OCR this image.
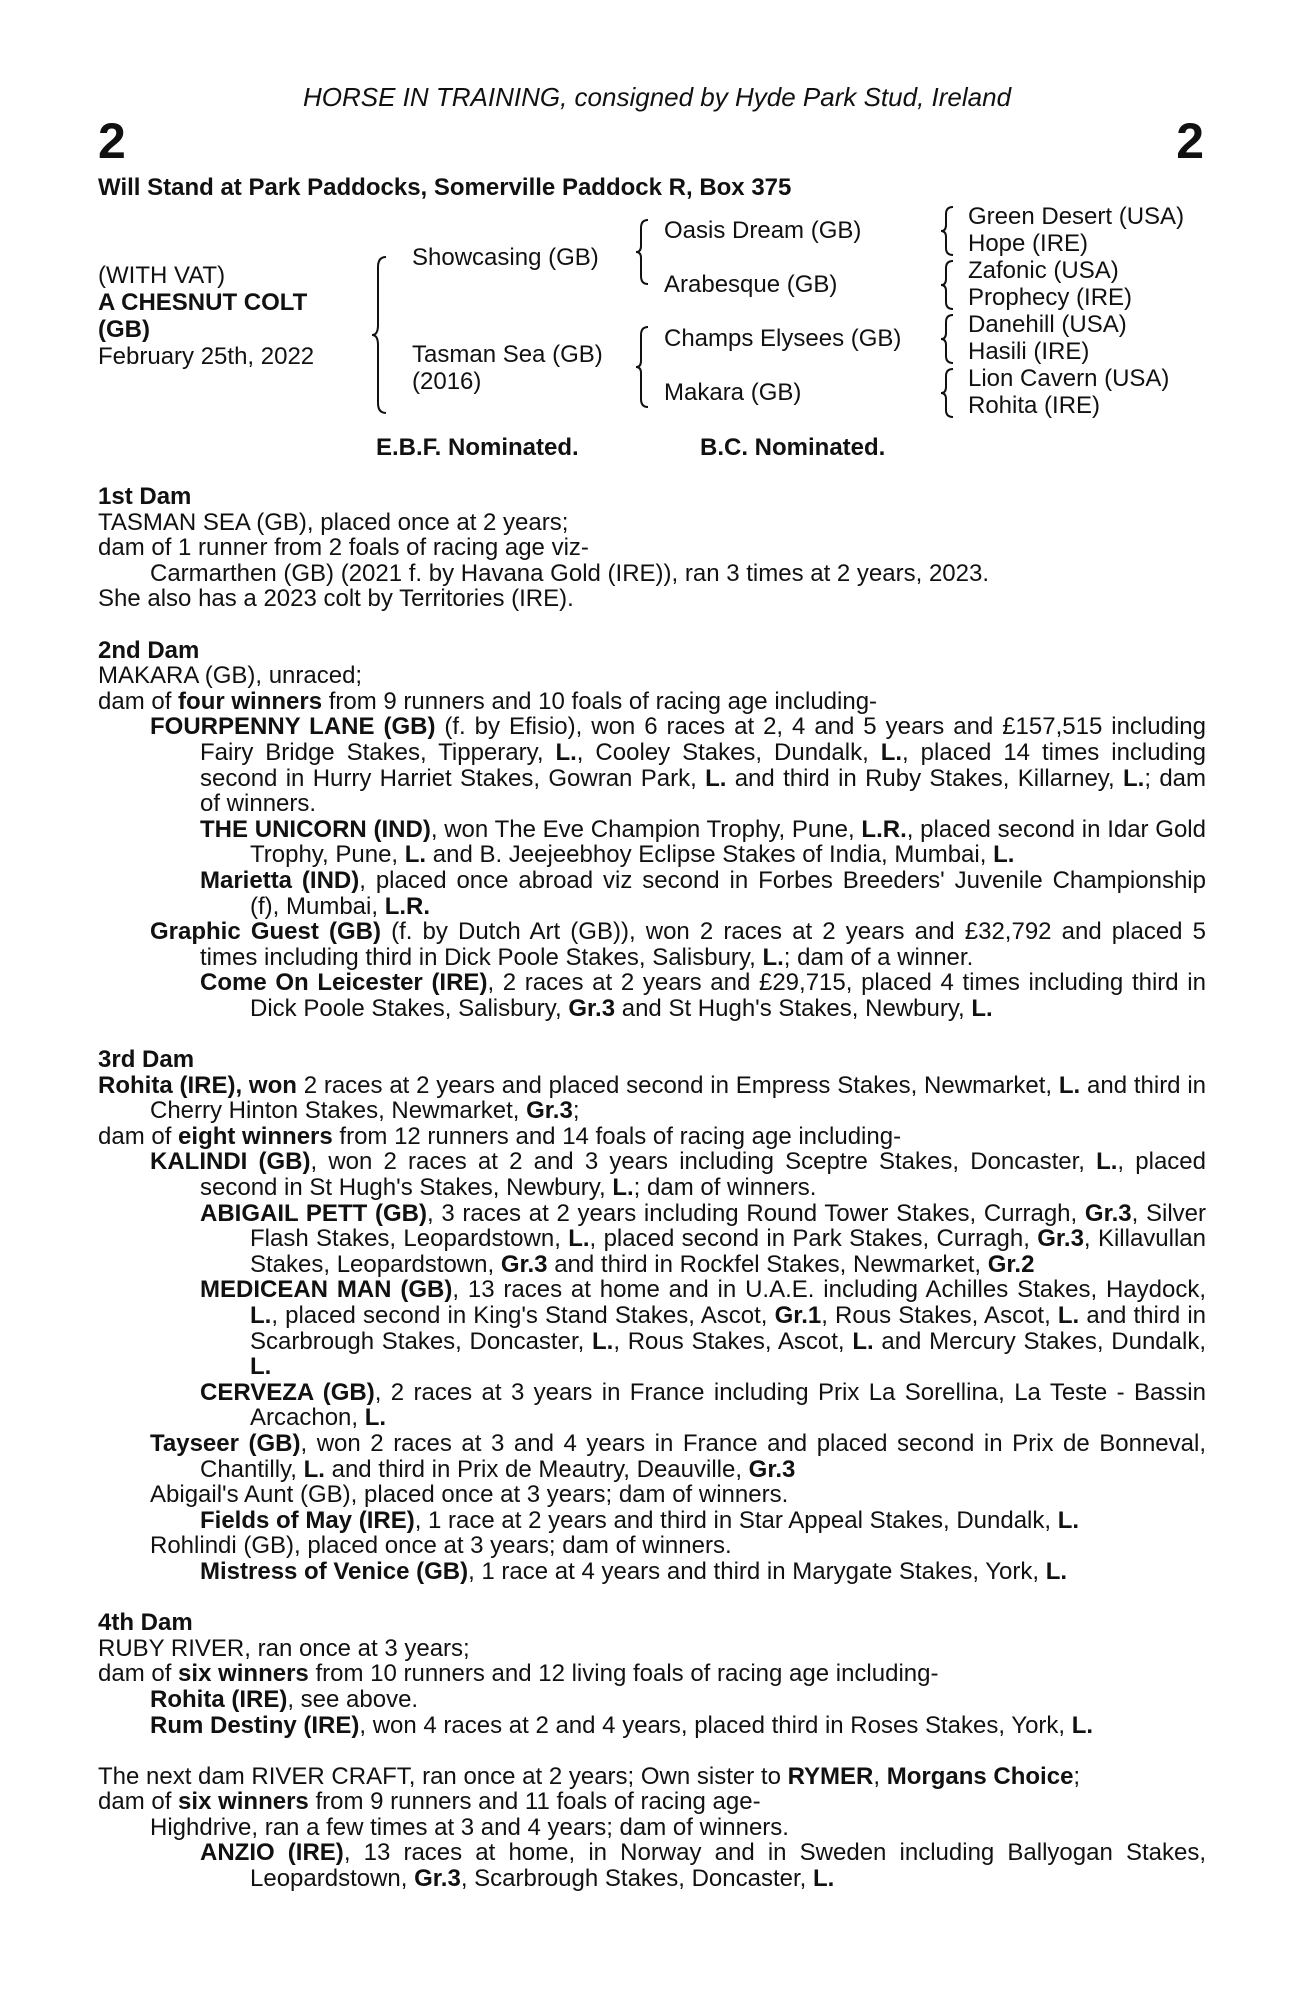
HORSE IN TRAINING, consigned by Hyde Park Stud, Ireland
2	2
Will Stand at Park Paddocks, Somerville Paddock R, Box 375
(WITH VAT)
A CHESNUT COLT
(GB)
February 25th, 2022
Showcasing (GB)
Tasman Sea (GB)
(2016)
Oasis Dream (GB)
Arabesque (GB)
Champs Elysees (GB)
Makara (GB)
Green Desert (USA)
Hope (IRE)
Zafonic (USA)
Prophecy (IRE)
Danehill (USA)
Hasili (IRE)
Lion Cavern (USA)
Rohita (IRE)
E.B.F. Nominated.	B.C. Nominated.

1st Dam

TASMAN SEA (GB), placed once at 2 years;

dam of 1 runner from 2 foals of racing age viz-

Carmarthen (GB) (2021 f. by Havana Gold (IRE)), ran 3 times at 2 years, 2023.

She also has a 2023 colt by Territories (IRE).

2nd Dam

MAKARA (GB), unraced;

dam of four winners from 9 runners and 10 foals of racing age including-

FOURPENNY LANE (GB) (f. by Efisio), won 6 races at 2, 4 and 5 years and £157,515 including Fairy Bridge Stakes, Tipperary, L., Cooley Stakes, Dundalk, L., placed 14 times including second in Hurry Harriet Stakes, Gowran Park, L. and third in Ruby Stakes, Killarney, L.; dam of winners.

THE UNICORN (IND), won The Eve Champion Trophy, Pune, L.R., placed second in Idar Gold Trophy, Pune, L. and B. Jeejeebhoy Eclipse Stakes of India, Mumbai, L.

Marietta (IND), placed once abroad viz second in Forbes Breeders' Juvenile Championship (f), Mumbai, L.R.

Graphic Guest (GB) (f. by Dutch Art (GB)), won 2 races at 2 years and £32,792 and placed 5 times including third in Dick Poole Stakes, Salisbury, L.; dam of a winner.

Come On Leicester (IRE), 2 races at 2 years and £29,715, placed 4 times including third in Dick Poole Stakes, Salisbury, Gr.3 and St Hugh's Stakes, Newbury, L.

3rd Dam

Rohita (IRE), won 2 races at 2 years and placed second in Empress Stakes, Newmarket, L. and third in Cherry Hinton Stakes, Newmarket, Gr.3;

dam of eight winners from 12 runners and 14 foals of racing age including-

KALINDI (GB), won 2 races at 2 and 3 years including Sceptre Stakes, Doncaster, L., placed second in St Hugh's Stakes, Newbury, L.; dam of winners.

ABIGAIL PETT (GB), 3 races at 2 years including Round Tower Stakes, Curragh, Gr.3, Silver Flash Stakes, Leopardstown, L., placed second in Park Stakes, Curragh, Gr.3, Killavullan Stakes, Leopardstown, Gr.3 and third in Rockfel Stakes, Newmarket, Gr.2

MEDICEAN MAN (GB), 13 races at home and in U.A.E. including Achilles Stakes, Haydock, L., placed second in King's Stand Stakes, Ascot, Gr.1, Rous Stakes, Ascot, L. and third in Scarbrough Stakes, Doncaster, L., Rous Stakes, Ascot, L. and Mercury Stakes, Dundalk, L.

CERVEZA (GB), 2 races at 3 years in France including Prix La Sorellina, La Teste - Bassin Arcachon, L.

Tayseer (GB), won 2 races at 3 and 4 years in France and placed second in Prix de Bonneval, Chantilly, L. and third in Prix de Meautry, Deauville, Gr.3

Abigail's Aunt (GB), placed once at 3 years; dam of winners.

Fields of May (IRE), 1 race at 2 years and third in Star Appeal Stakes, Dundalk, L.

Rohlindi (GB), placed once at 3 years; dam of winners.

Mistress of Venice (GB), 1 race at 4 years and third in Marygate Stakes, York, L.

4th Dam

RUBY RIVER, ran once at 3 years;

dam of six winners from 10 runners and 12 living foals of racing age including-

Rohita (IRE), see above.

Rum Destiny (IRE), won 4 races at 2 and 4 years, placed third in Roses Stakes, York, L.

The next dam RIVER CRAFT, ran once at 2 years; Own sister to RYMER, Morgans Choice;

dam of six winners from 9 runners and 11 foals of racing age-

Highdrive, ran a few times at 3 and 4 years; dam of winners.

ANZIO (IRE), 13 races at home, in Norway and in Sweden including Ballyogan Stakes, Leopardstown, Gr.3, Scarbrough Stakes, Doncaster, L.
